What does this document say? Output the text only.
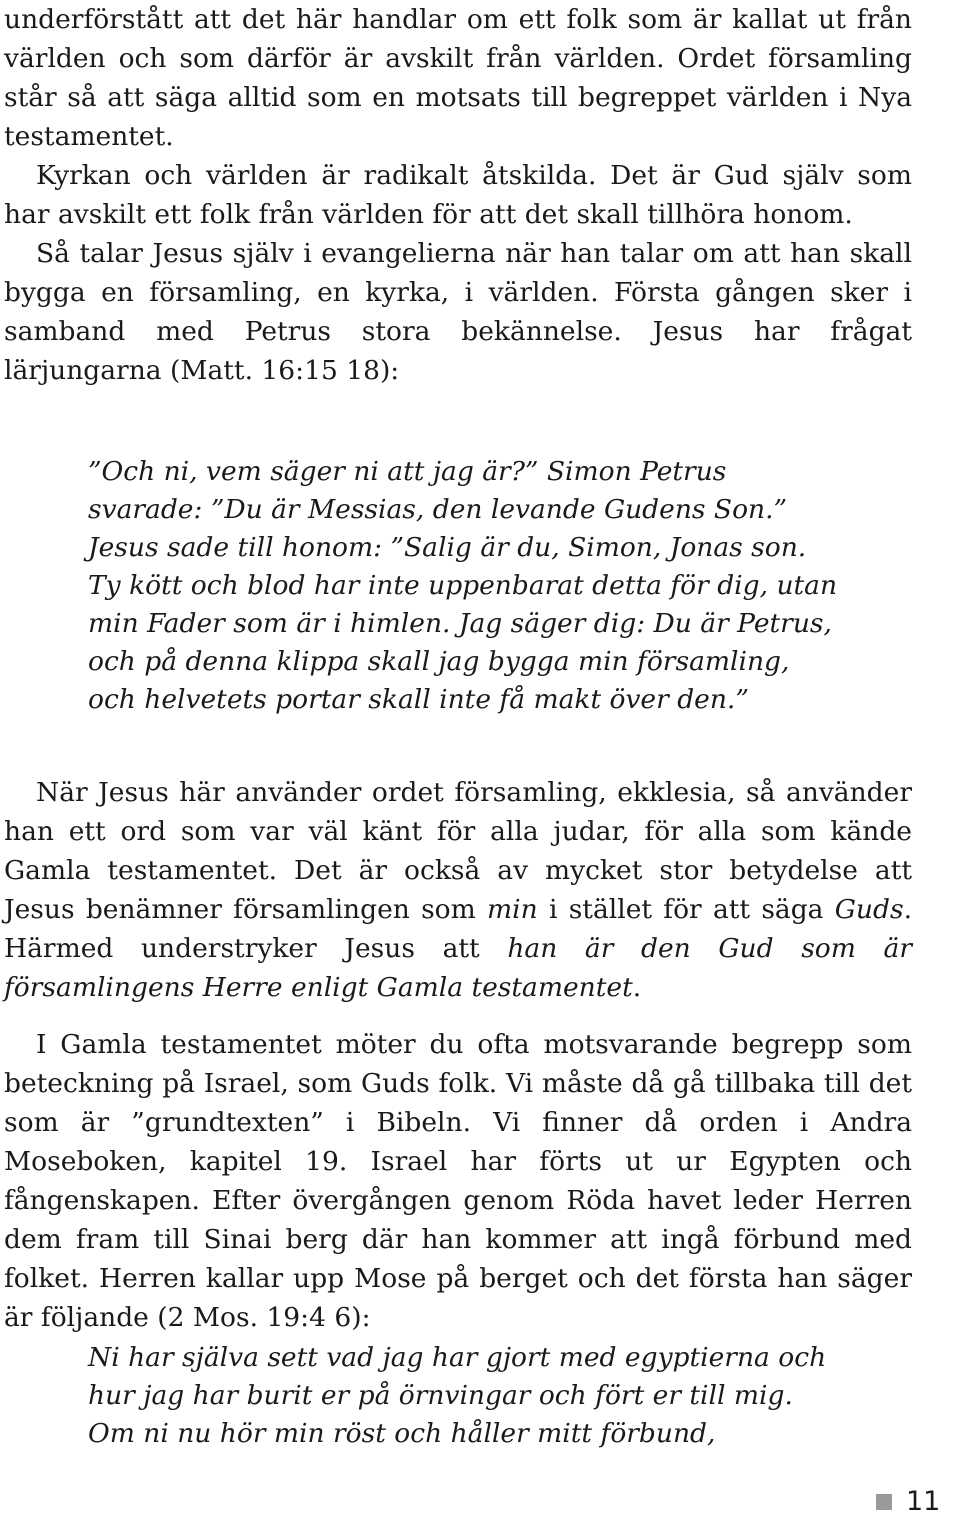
underförstått att det här handlar om ett folk som är kallat ut från världen och som därför är avskilt från världen. Ordet församling står så att säga alltid som en motsats till begreppet världen i Nya testamentet.

Kyrkan och världen är radikalt åtskilda. Det är Gud själv som har avskilt ett folk från världen för att det skall tillhöra honom.

Så talar Jesus själv i evangelierna när han talar om att han skall bygga en församling, en kyrka, i världen. Första gången sker i samband med Petrus stora bekännelse. Jesus har frågat lärjungarna (Matt. 16:15 18):

”Och ni, vem säger ni att jag är?” Simon Petrus svarade: ”Du är Messias, den levande Gudens Son.” Jesus sade till honom: ”Salig är du, Simon, Jonas son. Ty kött och blod har inte uppenbarat detta för dig, utan min Fader som är i himlen. Jag säger dig: Du är Petrus, och på denna klippa skall jag bygga min församling, och helvetets portar skall inte få makt över den.”

När Jesus här använder ordet församling, ekklesia, så använder han ett ord som var väl känt för alla judar, för alla som kände Gamla testamentet. Det är också av mycket stor betydelse att Jesus benämner församlingen som min i stället för att säga Guds. Härmed understryker Jesus att han är den Gud som är församlingens Herre enligt Gamla testamentet.

I Gamla testamentet möter du ofta motsvarande begrepp som beteckning på Israel, som Guds folk. Vi måste då gå tillbaka till det som är ”grundtexten” i Bibeln. Vi finner då orden i Andra Moseboken, kapitel 19. Israel har förts ut ur Egypten och fångenskapen. Efter övergången genom Röda havet leder Herren dem fram till Sinai berg där han kommer att ingå förbund med folket. Herren kallar upp Mose på berget och det första han säger är följande (2 Mos. 19:4 6):

Ni har själva sett vad jag har gjort med egyptierna och hur jag har burit er på örnvingar och fört er till mig. Om ni nu hör min röst och håller mitt förbund,

11
